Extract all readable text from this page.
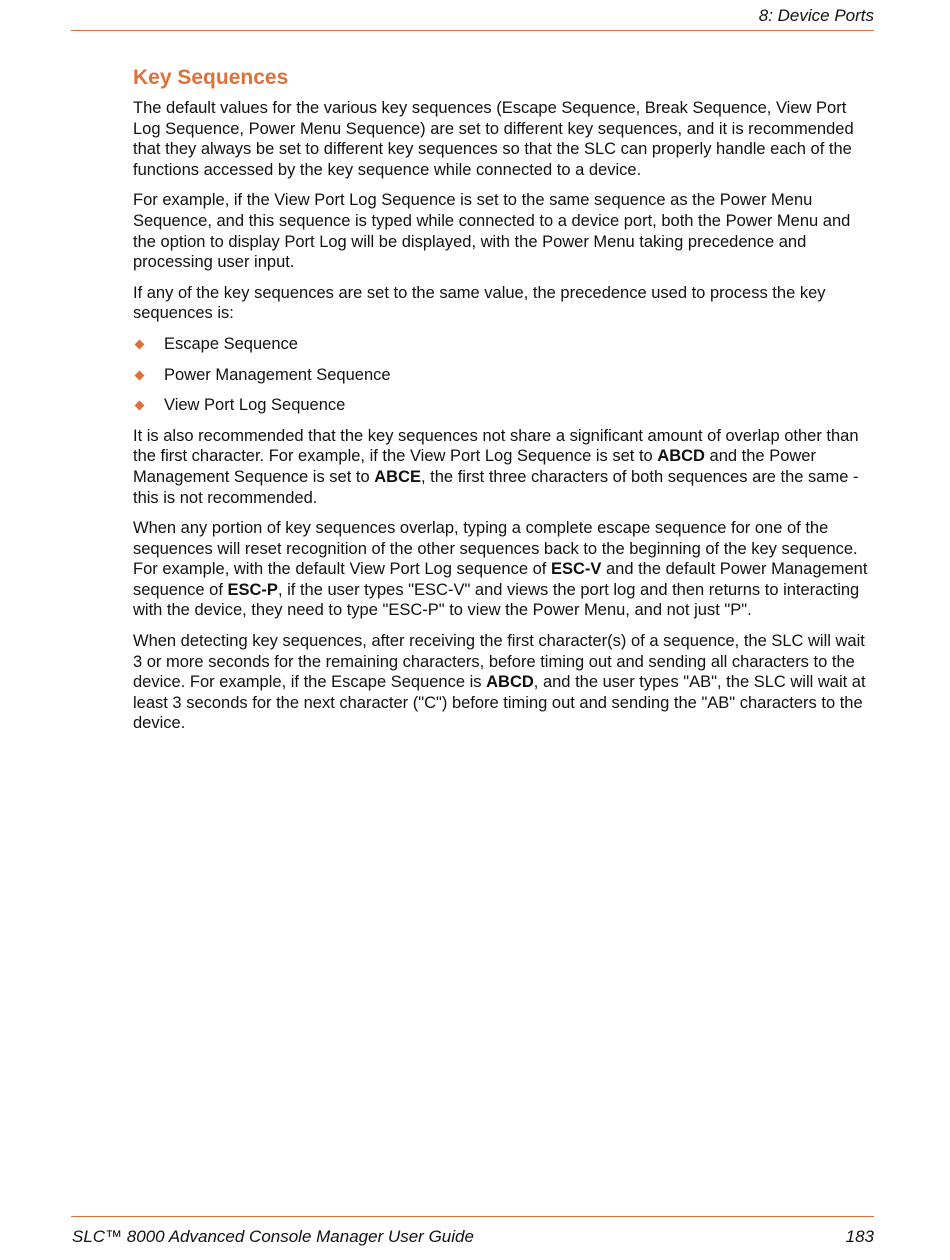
8: Device Ports
Key Sequences

The default values for the various key sequences (Escape Sequence, Break Sequence, View Port Log Sequence, Power Menu Sequence) are set to different key sequences, and it is recommended that they always be set to different key sequences so that the SLC can properly handle each of the functions accessed by the key sequence while connected to a device.

For example, if the View Port Log Sequence is set to the same sequence as the Power Menu Sequence, and this sequence is typed while connected to a device port, both the Power Menu and the option to display Port Log will be displayed, with the Power Menu taking precedence and processing user input.

If any of the key sequences are set to the same value, the precedence used to process the key sequences is:

Escape Sequence
Power Management Sequence
View Port Log Sequence

It is also recommended that the key sequences not share a significant amount of overlap other than the first character. For example, if the View Port Log Sequence is set to ABCD and the Power Management Sequence is set to ABCE, the first three characters of both sequences are the same - this is not recommended.

When any portion of key sequences overlap, typing a complete escape sequence for one of the sequences will reset recognition of the other sequences back to the beginning of the key sequence. For example, with the default View Port Log sequence of ESC-V and the default Power Management sequence of ESC-P, if the user types "ESC-V" and views the port log and then returns to interacting with the device, they need to type "ESC-P" to view the Power Menu, and not just "P".

When detecting key sequences, after receiving the first character(s) of a sequence, the SLC will wait 3 or more seconds for the remaining characters, before timing out and sending all characters to the device. For example, if the Escape Sequence is ABCD, and the user types "AB", the SLC will wait at least 3 seconds for the next character ("C") before timing out and sending the "AB" characters to the device.

SLC™ 8000 Advanced Console Manager User Guide	183
